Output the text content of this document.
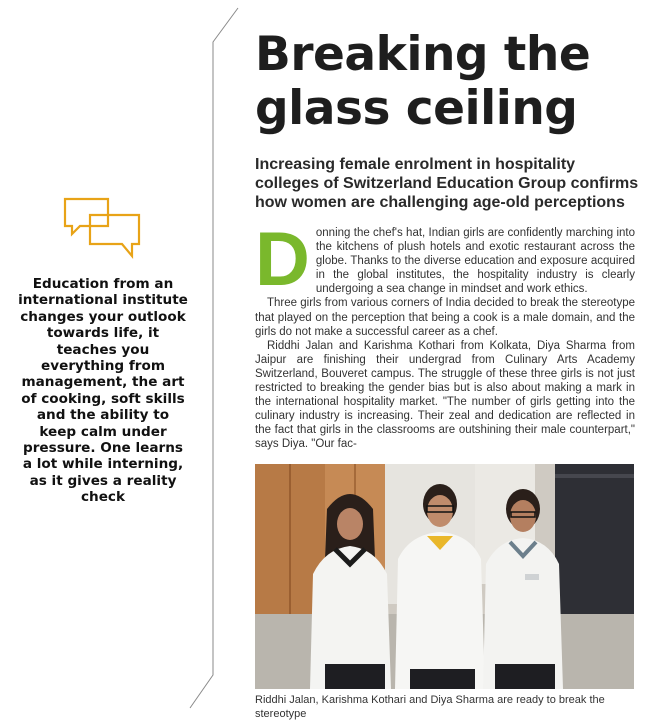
Breaking the
glass ceiling

Increasing female enrolment in hospitality colleges of Switzerland Education Group confirms how women are challenging age-old perceptions

Education from an international institute changes your outlook towards life, it teaches you everything from management, the art of cooking, soft skills and the ability to keep calm under pressure. One learns a lot while interning, as it gives a reality check

Donning the chef's hat, Indian girls are confidently marching into the kitchens of plush hotels and exotic restaurant across the globe. Thanks to the diverse education and exposure acquired in the global institutes, the hospitality industry is clearly undergoing a sea change in mindset and work ethics.

Three girls from various corners of India decided to break the stereotype that played on the perception that being a cook is a male domain, and the girls do not make a successful career as a chef.

Riddhi Jalan and Karishma Kothari from Kolkata, Diya Sharma from Jaipur are finishing their undergrad from Culinary Arts Academy Switzerland, Bouveret campus. The struggle of these three girls is not just restricted to breaking the gender bias but is also about making a mark in the international hospitality market. "The number of girls getting into the culinary industry is increasing. Their zeal and dedication are reflected in the fact that girls in the classrooms are outshining their male counterpart," says Diya. "Our fac-

Riddhi Jalan, Karishma Kothari and Diya Sharma are ready to break the stereotype
